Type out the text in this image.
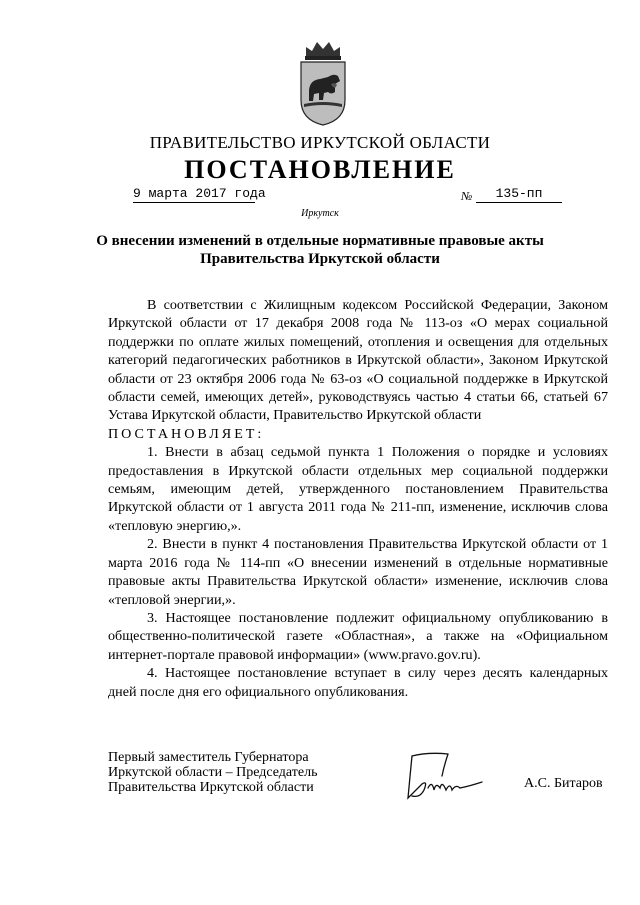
ПРАВИТЕЛЬСТВО ИРКУТСКОЙ ОБЛАСТИ
ПОСТАНОВЛЕНИЕ
9 марта 2017 года	№	135-пп
Иркутск
О внесении изменений в отдельные нормативные правовые акты
Правительства Иркутской области

В соответствии с Жилищным кодексом Российской Федерации, Законом Иркутской области от 17 декабря 2008 года № 113-оз «О мерах социальной поддержки по оплате жилых помещений, отопления и освещения для отдельных категорий педагогических работников в Иркутской области», Законом Иркутской области от 23 октября 2006 года № 63-оз «О социальной поддержке в Иркутской области семей, имеющих детей», руководствуясь частью 4 статьи 66, статьей 67 Устава Иркутской области, Правительство Иркутской области

ПОСТАНОВЛЯЕТ:

1. Внести в абзац седьмой пункта 1 Положения о порядке и условиях предоставления в Иркутской области отдельных мер социальной поддержки семьям, имеющим детей, утвержденного постановлением Правительства Иркутской области от 1 августа 2011 года № 211-пп, изменение, исключив слова «тепловую энергию,».

2. Внести в пункт 4 постановления Правительства Иркутской области от 1 марта 2016 года № 114-пп «О внесении изменений в отдельные нормативные правовые акты Правительства Иркутской области» изменение, исключив слова «тепловой энергии,».

3. Настоящее постановление подлежит официальному опубликованию в общественно-политической газете «Областная», а также на «Официальном интернет-портале правовой информации» (www.pravo.gov.ru).

4. Настоящее постановление вступает в силу через десять календарных дней после дня его официального опубликования.

Первый заместитель Губернатора
Иркутской области – Председатель
Правительства Иркутской области	А.С. Битаров
